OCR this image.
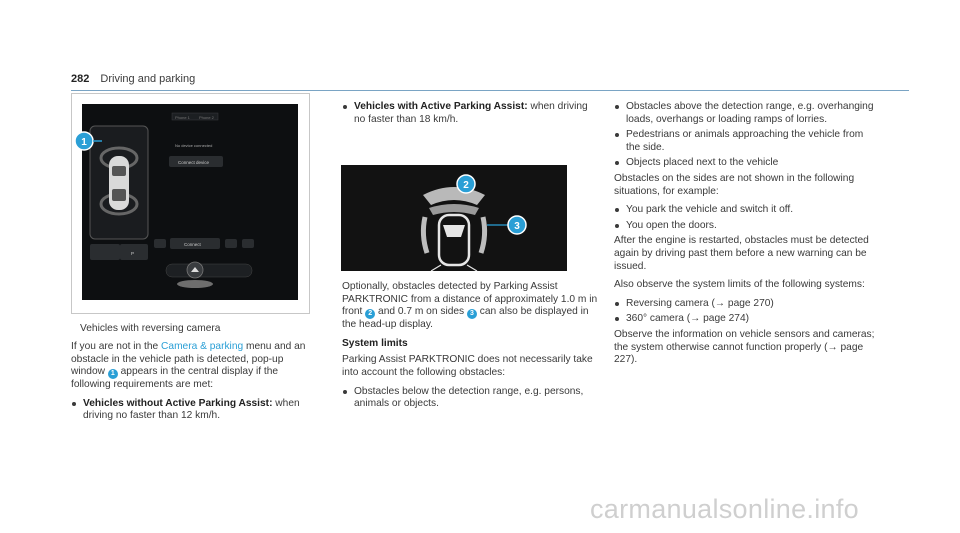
282 Driving and parking
Phone 1 Phone 2
No device connected
Connect device
P
Connect
1
Vehicles with reversing camera

If you are not in the Camera & parking menu and an obstacle in the vehicle path is detected, pop-up window 1 appears in the central display if the following requirements are met:

Vehicles without Active Parking Assist: when driving no faster than 12 km/h.
Vehicles with Active Parking Assist: when driving no faster than 18 km/h.
2
3

Optionally, obstacles detected by Parking Assist PARKTRONIC from a distance of approximately 1.0 m in front 2 and 0.7 m on sides 3 can also be displayed in the head-up display.

System limits

Parking Assist PARKTRONIC does not necessarily take into account the following obstacles:

Obstacles below the detection range, e.g. persons, animals or objects.
Obstacles above the detection range, e.g. overhanging loads, overhangs or loading ramps of lorries.
Pedestrians or animals approaching the vehicle from the side.
Objects placed next to the vehicle

Obstacles on the sides are not shown in the following situations, for example:

You park the vehicle and switch it off.
You open the doors.

After the engine is restarted, obstacles must be detected again by driving past them before a new warning can be issued.

Also observe the system limits of the following systems:

Reversing camera (→ page 270)
360° camera (→ page 274)

Observe the information on vehicle sensors and cameras; the system otherwise cannot function properly (→ page 227).

carmanualsonline.info
